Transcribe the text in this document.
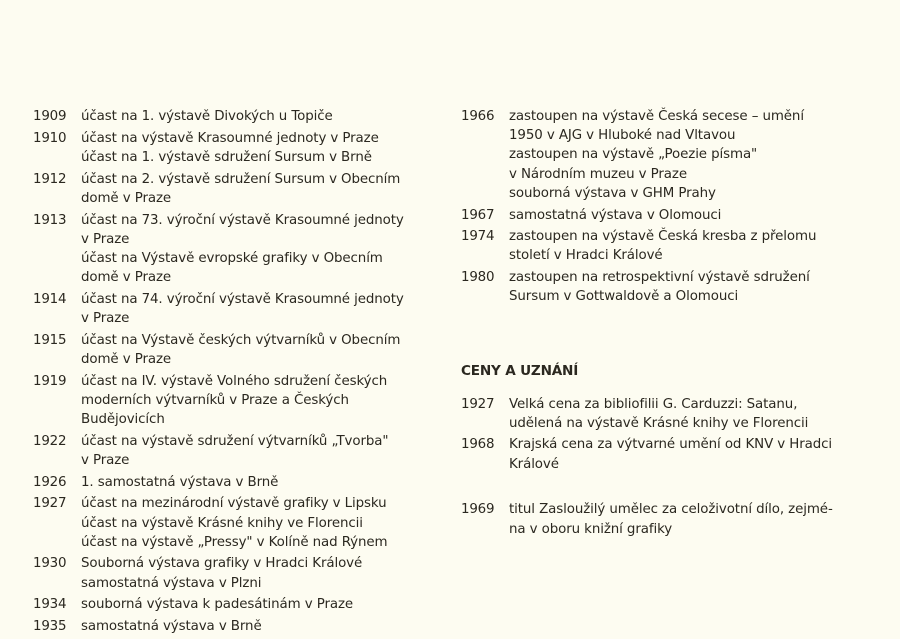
1909	účast na 1. výstavě Divokých u Topiče
1910	účast na výstavě Krasoumné jednoty v Praze
účast na 1. výstavě sdružení Sursum v Brně
1912	účast na 2. výstavě sdružení Sursum v Obecním
domě v Praze
1913	účast na 73. výroční výstavě Krasoumné jednoty
v Praze
účast na Výstavě evropské grafiky v Obecním
domě v Praze
1914	účast na 74. výroční výstavě Krasoumné jednoty
v Praze
1915	účast na Výstavě českých výtvarníků v Obecním
domě v Praze
1919	účast na IV. výstavě Volného sdružení českých
moderních výtvarníků v Praze a Českých
Budějovicích
1922	účast na výstavě sdružení výtvarníků „Tvorba"
v Praze
1926	1. samostatná výstava v Brně
1927	účast na mezinárodní výstavě grafiky v Lipsku
účast na výstavě Krásné knihy ve Florencii
účast na výstavě „Pressy" v Kolíně nad Rýnem
1930	Souborná výstava grafiky v Hradci Králové
samostatná výstava v Plzni
1934	souborná výstava k padesátinám v Praze
1935	samostatná výstava v Brně
1966	zastoupen na výstavě Česká secese – umění
1950 v AJG v Hluboké nad Vltavou
zastoupen na výstavě „Poezie písma"
v Národním muzeu v Praze
souborná výstava v GHM Prahy
1967	samostatná výstava v Olomouci
1974	zastoupen na výstavě Česká kresba z přelomu
století v Hradci Králové
1980	zastoupen na retrospektivní výstavě sdružení
Sursum v Gottwaldově a Olomouci
CENY A UZNÁNÍ
1927	Velká cena za bibliofilii G. Carduzzi: Satanu,
udělená na výstavě Krásné knihy ve Florencii
1968	Krajská cena za výtvarné umění od KNV v Hradci
Králové
1969	titul Zasloužilý umělec za celoživotní dílo, zejmé-
na v oboru knižní grafiky
